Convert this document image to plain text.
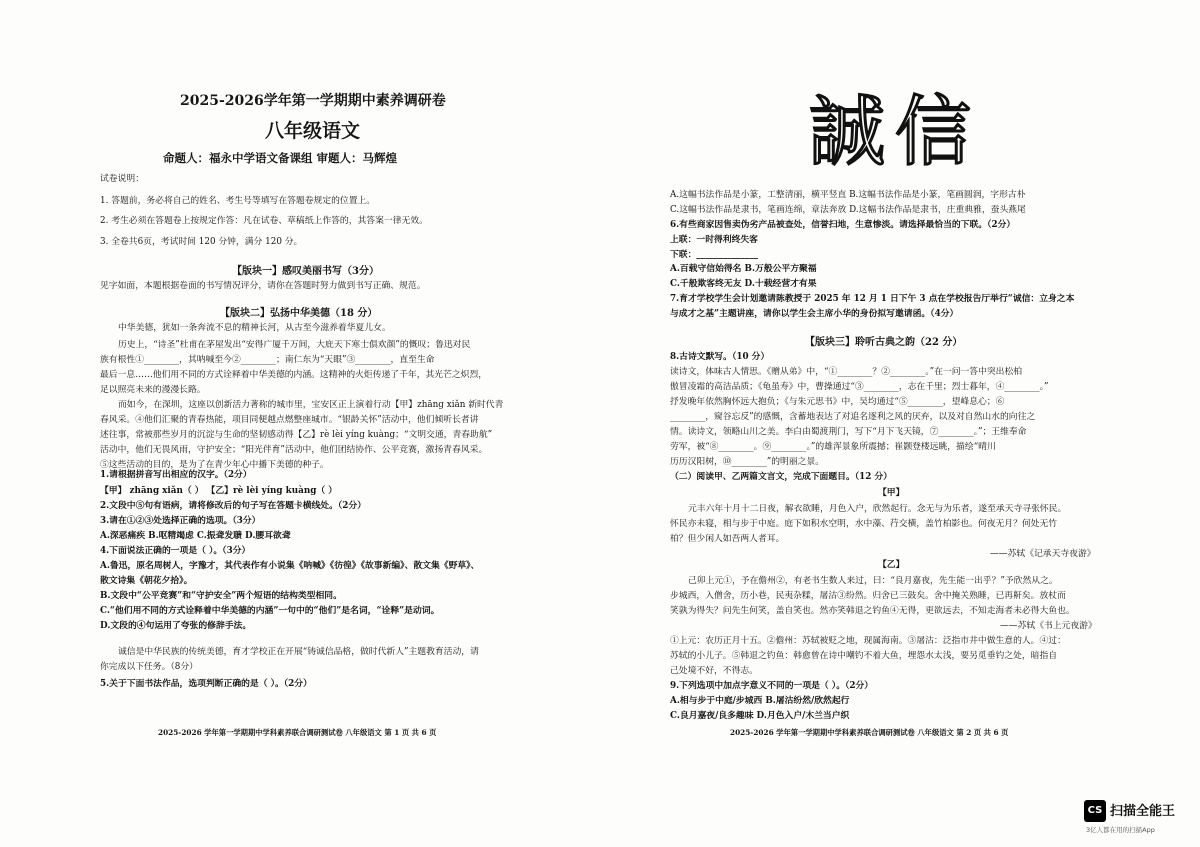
2025-2026学年第一学期期中素养调研卷
八年级语文
命题人：福永中学语文备课组 审题人：马辉煌
试卷说明：
1. 答题前，务必将自己的姓名、考生号等填写在答题卷规定的位置上。
2. 考生必须在答题卷上按规定作答：凡在试卷、草稿纸上作答的，其答案一律无效。
3. 全卷共6页，考试时间 120 分钟，满分 120 分。
【版块一】感叹美丽书写（3分）
见字如面，本题根据卷面的书写情况评分，请你在答题时努力做到书写正确、规范。
【版块二】弘扬中华美德（18 分）
中华美德，犹如一条奔流不息的精神长河，从古至今滋养着华夏儿女。
历史上，“诗圣”杜甫在茅屋发出“安得广厦千万间，大庇天下寒士俱欢颜”的慨叹；鲁迅对民
族有根性①________，其呐喊至今②________；南仁东为“天眼”③________，直至生命
最后一息……他们用不同的方式诠释着中华美德的内涵。这精神的火炬传递了千年，其光芒之炽烈，
足以照亮未来的漫漫长路。
而如今，在深圳，这座以创新活力著称的城市里，宝安区正上演着行动【甲】zhāng xiǎn 新时代青
春风采。④他们汇聚的青春热能，项目同便越点燃整座城市。“银龄关怀”活动中，他们倾听长者讲
述往事，常被那些岁月的沉淀与生命的坚韧感动得【乙】rè lèi yíng kuàng；“文明交通，青春助航”
活动中，他们无畏风雨，守护安全；“阳光伴育”活动中，他们团结协作、公平竞赛，激扬青春风采。
⑤这些活动的目的，是为了在青少年心中播下美德的种子。
1.请根据拼音写出相应的汉字。（2分）
【甲】 zhāng xiǎn（ ） 【乙】rè lèi yíng kuàng（ ）
2.文段中⑤句有语病，请将修改后的句子写在答题卡横线处。（2分）
3.请在①②③处选择正确的选项。（3分）
A.深恶痛疾 B.呕精竭虑 C.振聋发聩 D.腰耳欲聋
4.下面说法正确的一项是（ ）。（3分）
A.鲁迅，原名周树人，字豫才，其代表作有小说集《呐喊》《彷徨》《故事新编》、散文集《野草》、
散文诗集《朝花夕拾》。
B.文段中“公平竞赛”和“守护安全”两个短语的结构类型相同。
C.“他们用不同的方式诠释着中华美德的内涵”一句中的“他们”是名词，“诠释”是动词。
D.文段的④句运用了夸张的修辞手法。
诚信是中华民族的传统美德，育才学校正在开展“铸诚信品格，做时代新人”主题教育活动，请
你完成以下任务。（8分）
5.关于下面书法作品，选项判断正确的是（ ）。（2分）
2025-2026 学年第一学期期中学科素养联合调研测试卷 八年级语文 第 1 页 共 6 页
誠信
A.这幅书法作品是小篆，工整清丽，横平竖直 B.这幅书法作品是小篆，笔画圆润，字形古朴
C.这幅书法作品是隶书，笔画连绵，章法奔放 D.这幅书法作品是隶书，庄重典雅，蚕头燕尾
6.有些商家因售卖伪劣产品被查处，信誉扫地，生意惨淡。请选择最恰当的下联。（2分）
上联：一时得利终失客
下联：______________
A.百载守信始得名 B.万般公平方聚福
C.千般欺客终无友 D.十载经营才有果
7.育才学校学生会计划邀请陈教授于 2025 年 12 月 1 日下午 3 点在学校报告厅举行“诚信：立身之本
与成才之基”主题讲座，请你以学生会主席小华的身份拟写邀请函。（4分）
【版块三】聆听古典之韵（22 分）
8.古诗文默写。（10 分）
读诗文，体味古人情思。《赠从弟》中，“①________？②________。”在一问一答中突出松柏
傲冒凌霜的高洁品质；《龟虽寿》中，曹操通过“③________，志在千里；烈士暮年，④________。”
抒发晚年依然胸怀远大抱负；《与朱元思书》中，吴均通过“⑤________，望峰息心；⑥
________，窥谷忘反”的感慨，含蓄地表达了对追名逐利之风的厌弃，以及对自然山水的向往之
情。读诗文，领略山川之美。李白由蜀渡荆门，写下“月下飞天镜，⑦________。”；王维奉命
劳军，被“⑧________。⑨________。”的雄浑景象所震撼；崔颢登楼远眺，描绘“晴川
历历汉阳树，⑩________”的明丽之景。
（二）阅读甲、乙两篇文言文，完成下面题目。（12 分）
【甲】
元丰六年十月十二日夜，解衣欲睡，月色入户，欣然起行。念无与为乐者，遂至承天寺寻张怀民。
怀民亦未寝，相与步于中庭。庭下如积水空明，水中藻、荇交横，盖竹柏影也。何夜无月？何处无竹
柏？但少闲人如吾两人者耳。
——苏轼《记承天寺夜游》
【乙】
己卯上元①，予在儋州②，有老书生数人来过，曰：“良月嘉夜，先生能一出乎？”予欣然从之。
步城西，入僧舍，历小巷，民夷杂糅，屠沽③纷然。归舍已三鼓矣。舍中掩关熟睡，已再鼾矣。放杖而
笑孰为得失？问先生何笑，盖自笑也。然亦笑韩退之钓鱼④无得，更欲远去，不知走海者未必得大鱼也。
——苏轼《书上元夜游》
①上元：农历正月十五。②儋州：苏轼被贬之地，现属海南。③屠沽：泛指市井中做生意的人。④过：
苏轼的小儿子。⑤韩退之钓鱼：韩愈曾在诗中嘲钓不着大鱼，埋怨水太浅，要另觅垂钓之处，暗指自
己处境不好，不得志。
9.下列选项中加点字意义不同的一项是（ ）。（2分）
A.相与步于中庭/步城西 B.屠沽纷然/欣然起行
C.良月嘉夜/良多趣味 D.月色入户/木兰当户织
2025-2026 学年第一学期期中学科素养联合调研测试卷 八年级语文 第 2 页 共 6 页
CS 扫描全能王
3亿人都在用的扫描App
